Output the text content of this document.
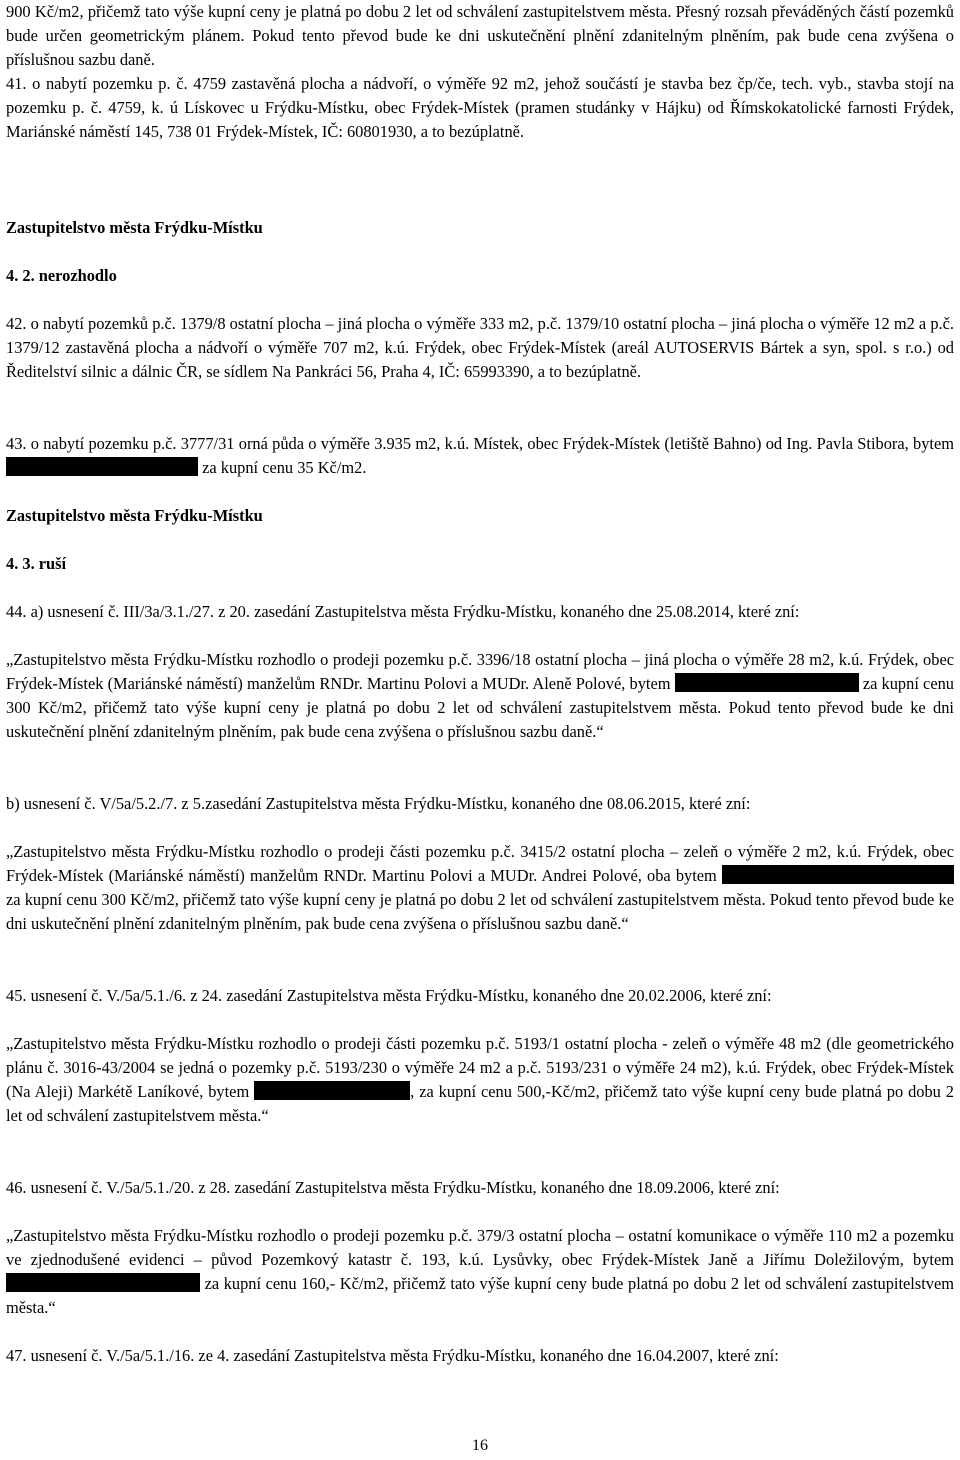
900 Kč/m2, přičemž tato výše kupní ceny je platná po dobu 2 let od schválení zastupitelstvem města. Přesný rozsah převáděných částí pozemků bude určen geometrickým plánem. Pokud tento převod bude ke dni uskutečnění plnění zdanitelným plněním, pak bude cena zvýšena o příslušnou sazbu daně.

41. o nabytí pozemku p. č. 4759 zastavěná plocha a nádvoří, o výměře 92 m2, jehož součástí je stavba bez čp/če, tech. vyb., stavba stojí na pozemku p. č. 4759, k. ú Lískovec u Frýdku-Místku, obec Frýdek-Místek (pramen studánky v Hájku) od Římskokatolické farnosti Frýdek, Mariánské náměstí 145, 738 01 Frýdek-Místek, IČ: 60801930, a to bezúplatně.

Zastupitelstvo města Frýdku-Místku

4. 2. nerozhodlo

42. o nabytí pozemků p.č. 1379/8 ostatní plocha – jiná plocha o výměře 333 m2, p.č. 1379/10 ostatní plocha – jiná plocha o výměře 12 m2 a p.č. 1379/12 zastavěná plocha a nádvoří o výměře 707 m2, k.ú. Frýdek, obec Frýdek-Místek (areál AUTOSERVIS Bártek a syn, spol. s r.o.) od Ředitelství silnic a dálnic ČR, se sídlem Na Pankráci 56, Praha 4, IČ: 65993390, a to bezúplatně.

43. o nabytí pozemku p.č. 3777/31 orná půda o výměře 3.935 m2, k.ú. Místek, obec Frýdek-Místek (letiště Bahno) od Ing. Pavla Stibora, bytem  za kupní cenu 35 Kč/m2.

Zastupitelstvo města Frýdku-Místku

4. 3. ruší

44. a) usnesení č. III/3a/3.1./27. z 20. zasedání Zastupitelstva města Frýdku-Místku, konaného dne 25.08.2014, které zní:

„Zastupitelstvo města Frýdku-Místku rozhodlo o prodeji pozemku p.č. 3396/18 ostatní plocha – jiná plocha o výměře 28 m2, k.ú. Frýdek, obec Frýdek-Místek (Mariánské náměstí) manželům RNDr. Martinu Polovi a MUDr. Aleně Polové, bytem	za kupní cenu 300 Kč/m2, přičemž tato výše kupní ceny je platná po dobu 2 let od schválení zastupitelstvem města. Pokud tento převod bude ke dni uskutečnění plnění zdanitelným plněním, pak bude cena zvýšena o příslušnou sazbu daně.“

b) usnesení č. V/5a/5.2./7. z 5.zasedání Zastupitelstva města Frýdku-Místku, konaného dne 08.06.2015, které zní:

„Zastupitelstvo města Frýdku-Místku rozhodlo o prodeji části pozemku p.č. 3415/2 ostatní plocha – zeleň o výměře 2 m2, k.ú. Frýdek, obec Frýdek-Místek (Mariánské náměstí) manželům RNDr. Martinu Polovi a MUDr. Andrei Polové, oba bytem  za kupní cenu 300 Kč/m2, přičemž tato výše kupní ceny je platná po dobu 2 let od schválení zastupitelstvem města. Pokud tento převod bude ke dni uskutečnění plnění zdanitelným plněním, pak bude cena zvýšena o příslušnou sazbu daně.“

45. usnesení č. V./5a/5.1./6. z 24. zasedání Zastupitelstva města Frýdku-Místku, konaného dne 20.02.2006, které zní:

„Zastupitelstvo města Frýdku-Místku rozhodlo o prodeji části pozemku p.č. 5193/1 ostatní plocha - zeleň o výměře 48 m2 (dle geometrického plánu č. 3016-43/2004 se jedná o pozemky p.č. 5193/230 o výměře 24 m2 a p.č. 5193/231 o výměře 24 m2), k.ú. Frýdek, obec Frýdek-Místek (Na Aleji) Markétě Laníkové, bytem	, za kupní cenu 500,-Kč/m2, přičemž tato výše kupní ceny bude platná po dobu 2 let od schválení zastupitelstvem města.“

46. usnesení č. V./5a/5.1./20. z 28. zasedání Zastupitelstva města Frýdku-Místku, konaného dne 18.09.2006, které zní:

„Zastupitelstvo města Frýdku-Místku rozhodlo o prodeji pozemku p.č. 379/3 ostatní plocha – ostatní komunikace o výměře 110 m2 a pozemku ve zjednodušené evidenci – původ Pozemkový katastr č. 193, k.ú. Lysůvky, obec Frýdek-Místek Janě a Jiřímu Doležilovým, bytem  za kupní cenu 160,- Kč/m2, přičemž tato výše kupní ceny bude platná po dobu 2 let od schválení zastupitelstvem města.“

47. usnesení č. V./5a/5.1./16. ze 4. zasedání Zastupitelstva města Frýdku-Místku, konaného dne 16.04.2007, které zní:

16
